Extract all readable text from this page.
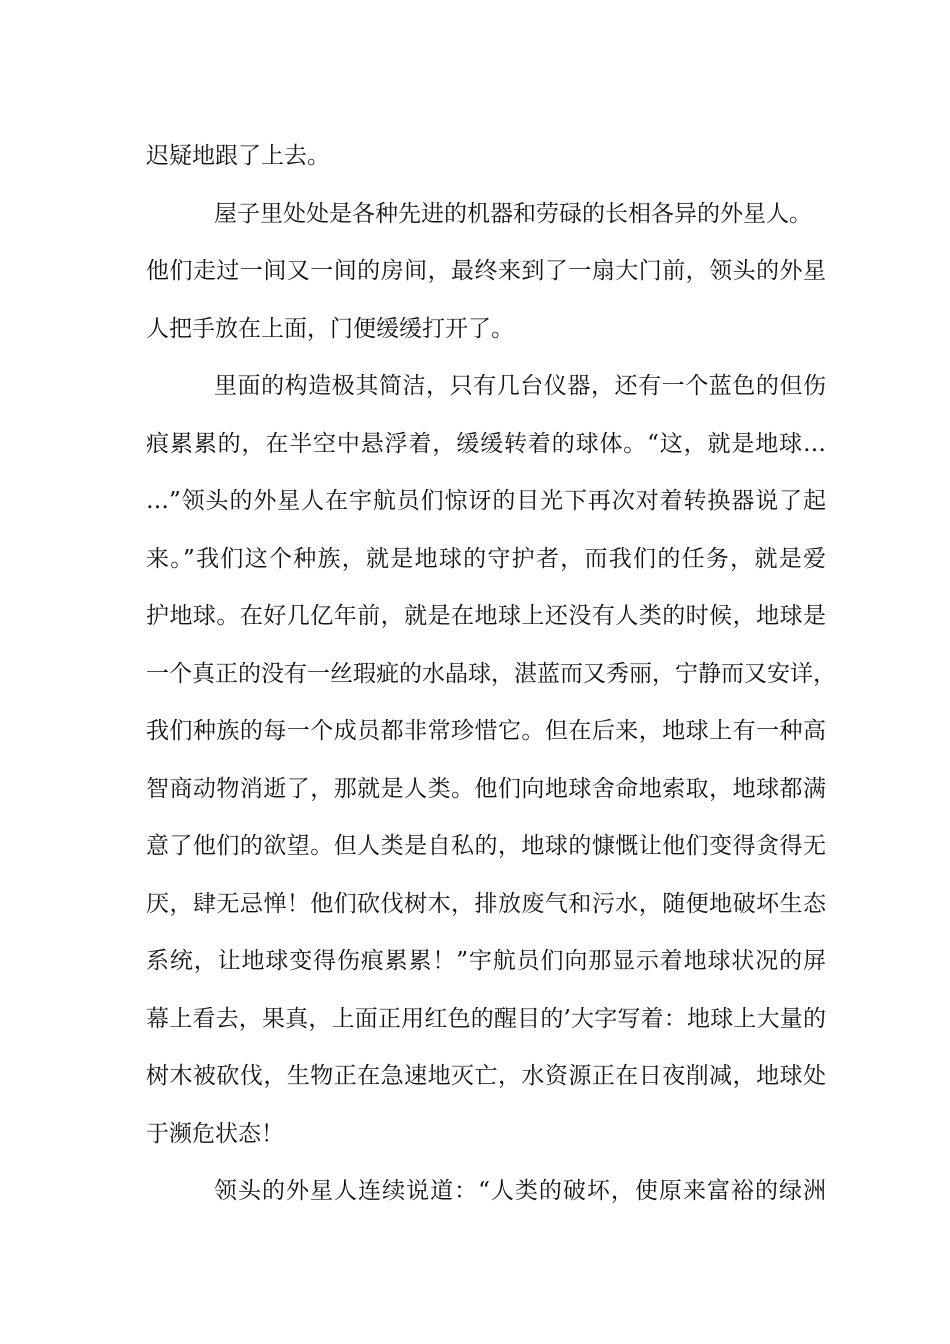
迟疑地跟了上去。
屋子里处处是各种先进的机器和劳碌的长相各异的外星人。
他们走过一间又一间的房间，最终来到了一扇大门前，领头的外星
人把手放在上面，门便缓缓打开了。
里面的构造极其简洁，只有几台仪器，还有一个蓝色的但伤
痕累累的，在半空中悬浮着，缓缓转着的球体。“这，就是地球…
…”领头的外星人在宇航员们惊讶的目光下再次对着转换器说了起
来。”我们这个种族，就是地球的守护者，而我们的任务，就是爱
护地球。在好几亿年前，就是在地球上还没有人类的时候，地球是
一个真正的没有一丝瑕疵的水晶球，湛蓝而又秀丽，宁静而又安详，
我们种族的每一个成员都非常珍惜它。但在后来，地球上有一种高
智商动物消逝了，那就是人类。他们向地球舍命地索取，地球都满
意了他们的欲望。但人类是自私的，地球的慷慨让他们变得贪得无
厌，肆无忌惮！他们砍伐树木，排放废气和污水，随便地破坏生态
系统，让地球变得伤痕累累！”宇航员们向那显示着地球状况的屏
幕上看去，果真，上面正用红色的醒目的’大字写着：地球上大量的
树木被砍伐，生物正在急速地灭亡，水资源正在日夜削减，地球处
于濒危状态！
领头的外星人连续说道：“人类的破坏，使原来富裕的绿洲
